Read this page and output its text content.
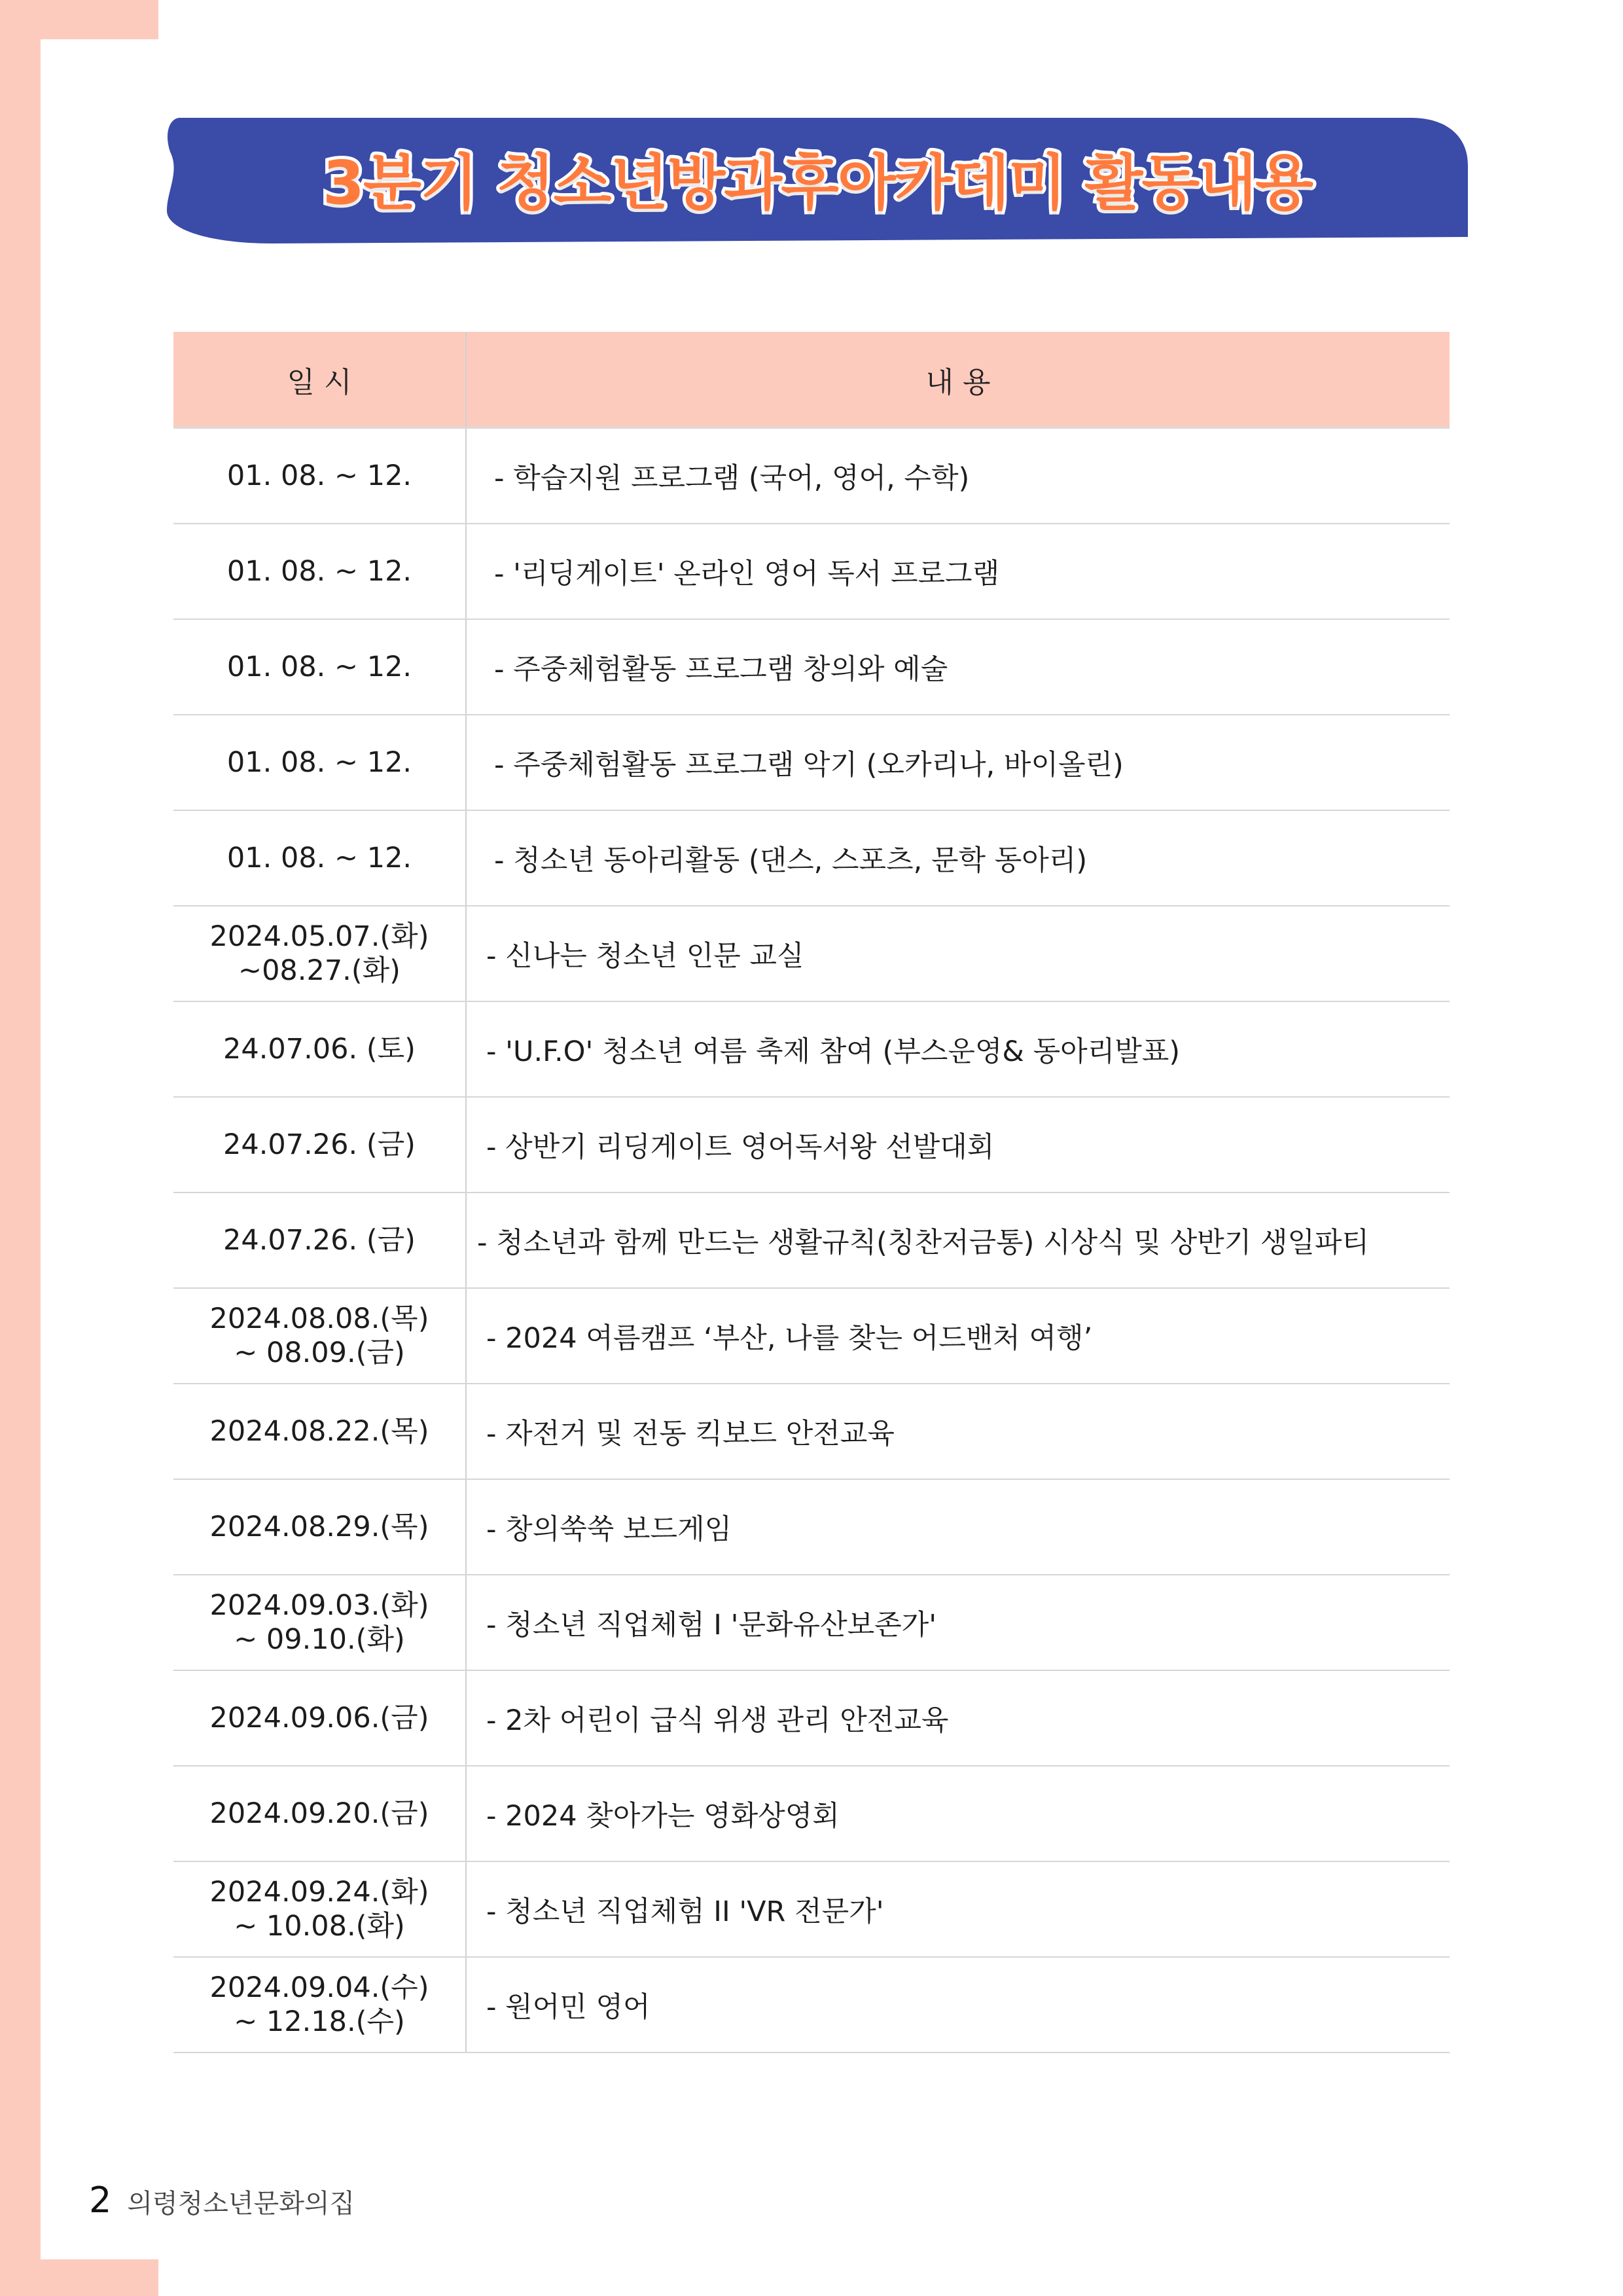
3분기 청소년방과후아카데미 활동내용
일 시	내 용
01. 08. ~ 12.	- 학습지원 프로그램 (국어, 영어, 수학)
01. 08. ~ 12.	- '리딩게이트' 온라인 영어 독서 프로그램
01. 08. ~ 12.	- 주중체험활동 프로그램 창의와 예술
01. 08. ~ 12.	- 주중체험활동 프로그램 악기 (오카리나, 바이올린)
01. 08. ~ 12.	- 청소년 동아리활동 (댄스, 스포츠, 문학 동아리)
2024.05.07.(화)
~08.27.(화)	- 신나는 청소년 인문 교실
24.07.06. (토)	- 'U.F.O' 청소년 여름 축제 참여 (부스운영& 동아리발표)
24.07.26. (금)	- 상반기 리딩게이트 영어독서왕 선발대회
24.07.26. (금)	- 청소년과 함께 만드는 생활규칙(칭찬저금통) 시상식 및 상반기 생일파티
2024.08.08.(목)
~ 08.09.(금)	- 2024 여름캠프 ‘부산, 나를 찾는 어드밴처 여행’
2024.08.22.(목)	- 자전거 및 전동 킥보드 안전교육
2024.08.29.(목)	- 창의쑥쑥 보드게임
2024.09.03.(화)
~ 09.10.(화)	- 청소년 직업체험 I '문화유산보존가'
2024.09.06.(금)	- 2차 어린이 급식 위생 관리 안전교육
2024.09.20.(금)	- 2024 찾아가는 영화상영회
2024.09.24.(화)
~ 10.08.(화)	- 청소년 직업체험 II 'VR 전문가'
2024.09.04.(수)
~ 12.18.(수)	- 원어민 영어
2 의령청소년문화의집
